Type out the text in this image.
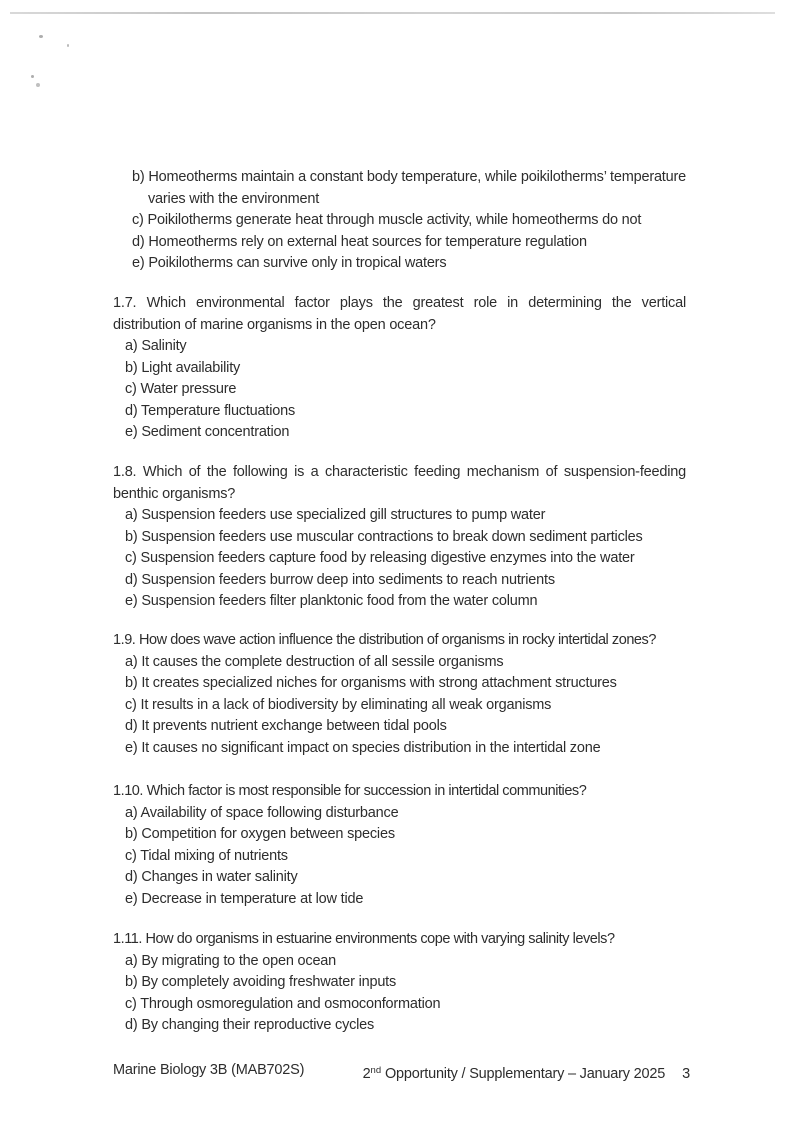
b) Homeotherms maintain a constant body temperature, while poikilotherms’ temperature varies with the environment
c) Poikilotherms generate heat through muscle activity, while homeotherms do not
d) Homeotherms rely on external heat sources for temperature regulation
e) Poikilotherms can survive only in tropical waters
1.7. Which environmental factor plays the greatest role in determining the vertical distribution of marine organisms in the open ocean?
a) Salinity
b) Light availability
c) Water pressure
d) Temperature fluctuations
e) Sediment concentration
1.8. Which of the following is a characteristic feeding mechanism of suspension-feeding benthic organisms?
a) Suspension feeders use specialized gill structures to pump water
b) Suspension feeders use muscular contractions to break down sediment particles
c) Suspension feeders capture food by releasing digestive enzymes into the water
d) Suspension feeders burrow deep into sediments to reach nutrients
e) Suspension feeders filter planktonic food from the water column
1.9. How does wave action influence the distribution of organisms in rocky intertidal zones?
a) It causes the complete destruction of all sessile organisms
b) It creates specialized niches for organisms with strong attachment structures
c) It results in a lack of biodiversity by eliminating all weak organisms
d) It prevents nutrient exchange between tidal pools
e) It causes no significant impact on species distribution in the intertidal zone
1.10. Which factor is most responsible for succession in intertidal communities?
a) Availability of space following disturbance
b) Competition for oxygen between species
c) Tidal mixing of nutrients
d) Changes in water salinity
e) Decrease in temperature at low tide
1.11. How do organisms in estuarine environments cope with varying salinity levels?
a) By migrating to the open ocean
b) By completely avoiding freshwater inputs
c) Through osmoregulation and osmoconformation
d) By changing their reproductive cycles
Marine Biology 3B (MAB702S)	2nd Opportunity / Supplementary – January 2025 3
